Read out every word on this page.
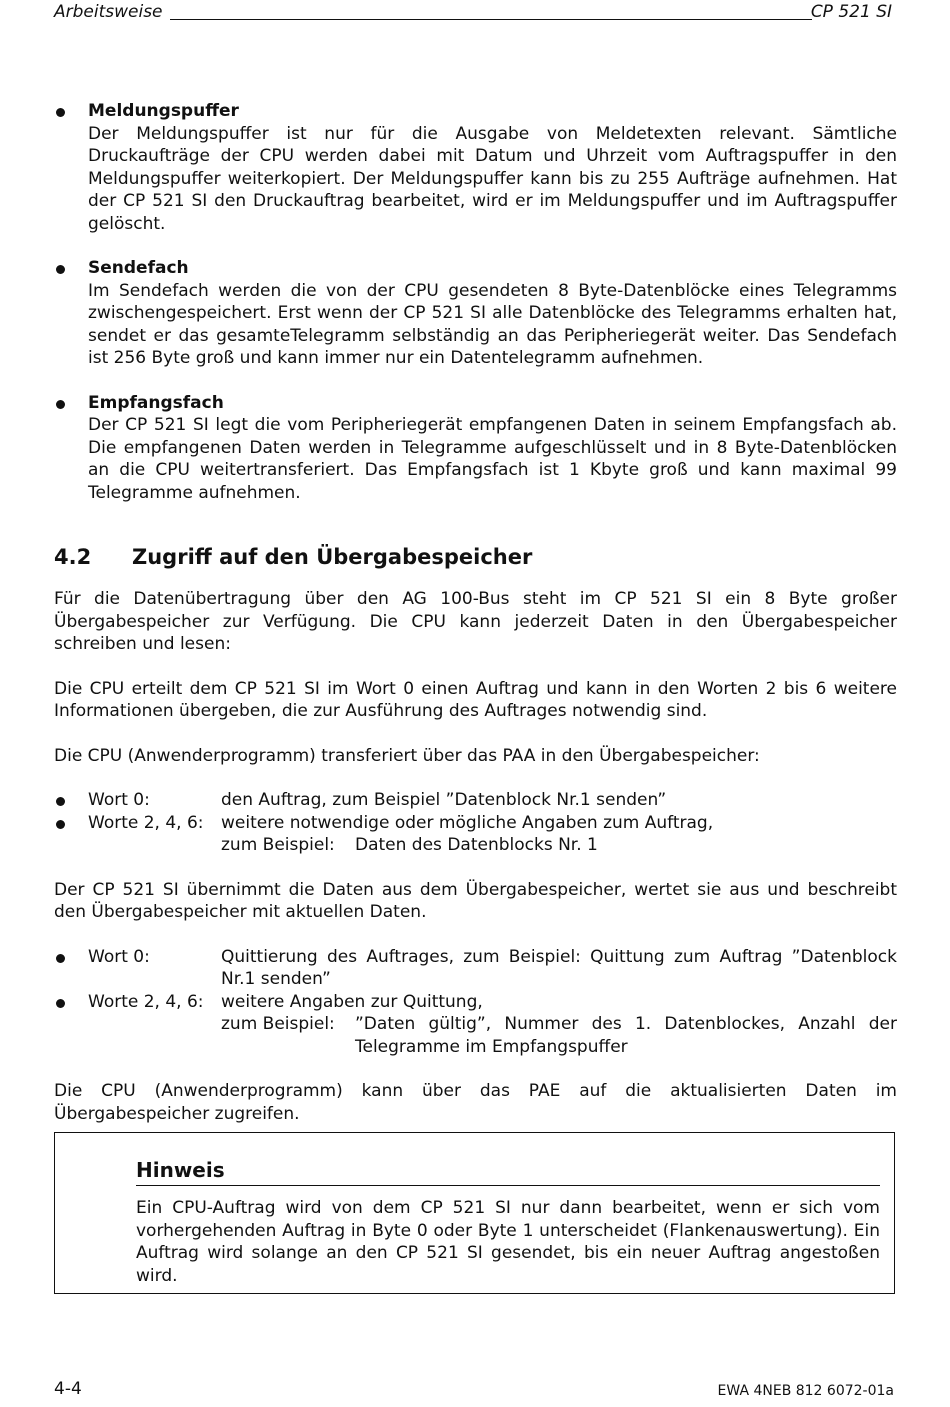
Arbeitsweise	CP 521 SI
Meldungspuffer
Der Meldungspuffer ist nur für die Ausgabe von Meldetexten relevant. Sämtliche Druckaufträge der CPU werden dabei mit Datum und Uhrzeit vom Auftragspuffer in den Meldungspuffer weiterkopiert. Der Meldungspuffer kann bis zu 255 Aufträge aufnehmen. Hat der CP 521 SI den Druckauftrag bearbeitet, wird er im Meldungspuffer und im Auftragspuffer gelöscht.
Sendefach
Im Sendefach werden die von der CPU gesendeten 8 Byte-Datenblöcke eines Telegramms zwischengespeichert. Erst wenn der CP 521 SI alle Datenblöcke des Telegramms erhalten hat, sendet er das gesamteTelegramm selbständig an das Peripheriegerät weiter. Das Sendefach ist 256 Byte groß und kann immer nur ein Datentelegramm aufnehmen.
Empfangsfach
Der CP 521 SI legt die vom Peripheriegerät empfangenen Daten in seinem Empfangsfach ab. Die empfangenen Daten werden in Telegramme aufgeschlüsselt und in 8 Byte-Datenblöcken an die CPU weitertransferiert. Das Empfangsfach ist 1 Kbyte groß und kann maximal 99 Telegramme aufnehmen.
4.2 Zugriff auf den Übergabespeicher

Für die Datenübertragung über den AG 100-Bus steht im CP 521 SI ein 8 Byte großer Übergabespeicher zur Verfügung. Die CPU kann jederzeit Daten in den Übergabespeicher schreiben und lesen:

Die CPU erteilt dem CP 521 SI im Wort 0 einen Auftrag und kann in den Worten 2 bis 6 weitere Informationen übergeben, die zur Ausführung des Auftrages notwendig sind.

Die CPU (Anwenderprogramm) transferiert über das PAA in den Übergabespeicher:

Wort 0:	den Auftrag, zum Beispiel ”Datenblock Nr.1 senden”
Worte 2, 4, 6: weitere notwendige oder mögliche Angaben zum Auftrag,
zum Beispiel: Daten des Datenblocks Nr. 1

Der CP 521 SI übernimmt die Daten aus dem Übergabespeicher, wertet sie aus und beschreibt den Übergabespeicher mit aktuellen Daten.

Wort 0:	Quittierung des Auftrages, zum Beispiel: Quittung zum Auftrag ”Datenblock Nr.1 senden”
Worte 2, 4, 6: weitere Angaben zur Quittung,
zum Beispiel: ”Daten gültig”, Nummer des 1. Datenblockes, Anzahl der Telegramme im Empfangspuffer

Die CPU (Anwenderprogramm) kann über das PAE auf die aktualisierten Daten im Übergabespeicher zugreifen.

Hinweis
Ein CPU-Auftrag wird von dem CP 521 SI nur dann bearbeitet, wenn er sich vom vorhergehenden Auftrag in Byte 0 oder Byte 1 unterscheidet (Flankenauswertung). Ein Auftrag wird solange an den CP 521 SI gesendet, bis ein neuer Auftrag angestoßen wird.
4-4	EWA 4NEB 812 6072-01a
